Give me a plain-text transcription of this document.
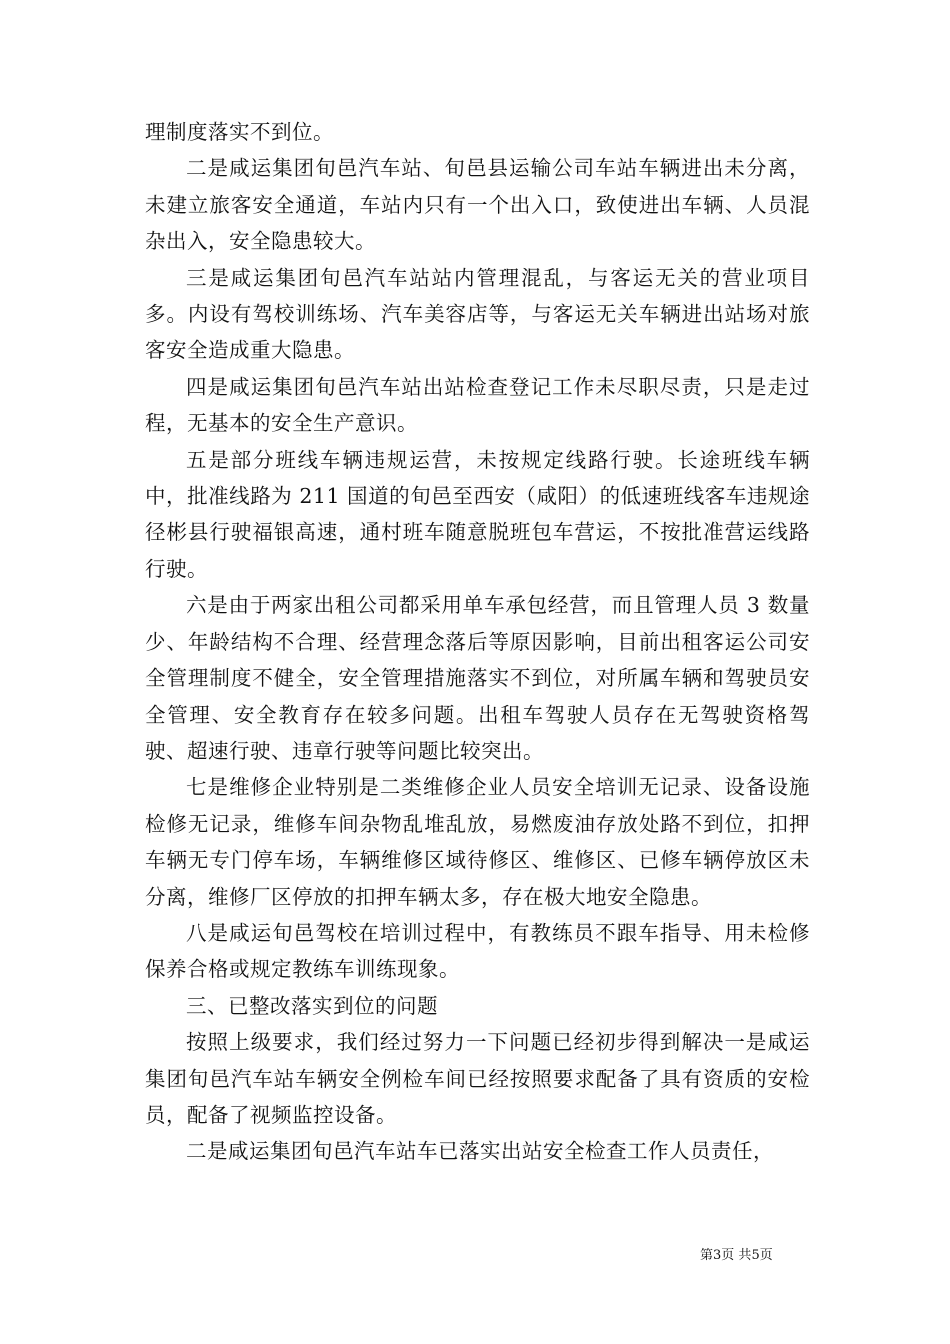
理制度落实不到位。

二是咸运集团旬邑汽车站、旬邑县运输公司车站车辆进出未分离，未建立旅客安全通道，车站内只有一个出入口，致使进出车辆、人员混杂出入，安全隐患较大。

三是咸运集团旬邑汽车站站内管理混乱，与客运无关的营业项目多。内设有驾校训练场、汽车美容店等，与客运无关车辆进出站场对旅客安全造成重大隐患。

四是咸运集团旬邑汽车站出站检查登记工作未尽职尽责，只是走过程，无基本的安全生产意识。

五是部分班线车辆违规运营，未按规定线路行驶。长途班线车辆中，批准线路为 211 国道的旬邑至西安（咸阳）的低速班线客车违规途径彬县行驶福银高速，通村班车随意脱班包车营运，不按批准营运线路行驶。

六是由于两家出租公司都采用单车承包经营，而且管理人员 3 数量少、年龄结构不合理、经营理念落后等原因影响，目前出租客运公司安全管理制度不健全，安全管理措施落实不到位，对所属车辆和驾驶员安全管理、安全教育存在较多问题。出租车驾驶人员存在无驾驶资格驾驶、超速行驶、违章行驶等问题比较突出。

七是维修企业特别是二类维修企业人员安全培训无记录、设备设施检修无记录，维修车间杂物乱堆乱放，易燃废油存放处路不到位，扣押车辆无专门停车场，车辆维修区域待修区、维修区、已修车辆停放区未分离，维修厂区停放的扣押车辆太多，存在极大地安全隐患。

八是咸运旬邑驾校在培训过程中，有教练员不跟车指导、用未检修保养合格或规定教练车训练现象。

三、已整改落实到位的问题

按照上级要求，我们经过努力一下问题已经初步得到解决一是咸运集团旬邑汽车站车辆安全例检车间已经按照要求配备了具有资质的安检员，配备了视频监控设备。

二是咸运集团旬邑汽车站车已落实出站安全检查工作人员责任，

第3页 共5页
